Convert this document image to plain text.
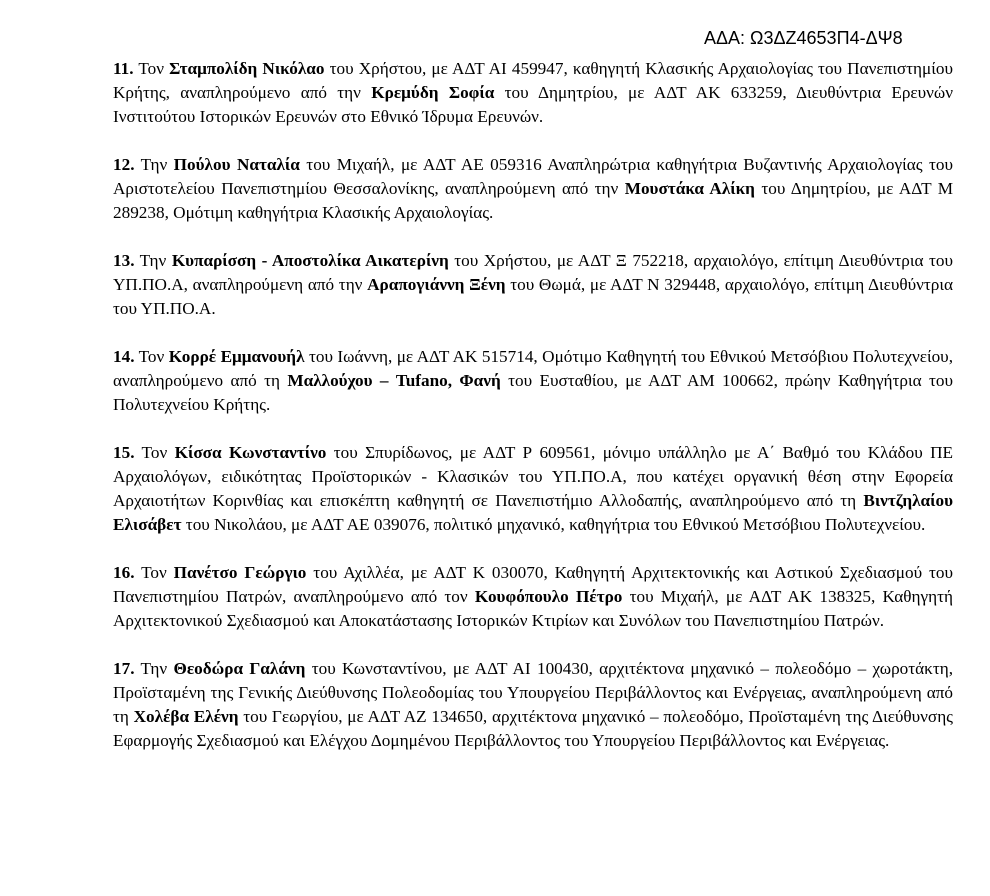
ΑΔΑ: Ω3ΔΖ4653Π4-ΔΨ8

11. Τον Σταμπολίδη Νικόλαο του Χρήστου, με ΑΔΤ ΑΙ 459947, καθηγητή Κλασικής Αρχαιολογίας του Πανεπιστημίου Κρήτης, αναπληρούμενο από την Κρεμύδη Σοφία του Δημητρίου, με ΑΔΤ ΑΚ 633259, Διευθύντρια Ερευνών Ινστιτούτου Ιστορικών Ερευνών στο Εθνικό Ίδρυμα Ερευνών.

12. Την Πούλου Ναταλία του Μιχαήλ, με ΑΔΤ ΑΕ 059316 Αναπληρώτρια καθηγήτρια Βυζαντινής Αρχαιολογίας του Αριστοτελείου Πανεπιστημίου Θεσσαλονίκης, αναπληρούμενη από την Μουστάκα Αλίκη του Δημητρίου, με ΑΔΤ Μ 289238, Ομότιμη καθηγήτρια Κλασικής Αρχαιολογίας.

13. Την Κυπαρίσση - Αποστολίκα Αικατερίνη του Χρήστου, με ΑΔΤ Ξ 752218, αρχαιολόγο, επίτιμη Διευθύντρια του ΥΠ.ΠΟ.Α, αναπληρούμενη από την Αραπογιάννη Ξένη του Θωμά, με ΑΔΤ Ν 329448, αρχαιολόγο, επίτιμη Διευθύντρια του ΥΠ.ΠΟ.Α.

14. Τον Κορρέ Εμμανουήλ του Ιωάννη, με ΑΔΤ ΑΚ 515714, Ομότιμο Καθηγητή του Εθνικού Μετσόβιου Πολυτεχνείου, αναπληρούμενο από τη Μαλλούχου – Tufano, Φανή του Ευσταθίου, με ΑΔΤ ΑΜ 100662, πρώην Καθηγήτρια του Πολυτεχνείου Κρήτης.

15. Τον Κίσσα Κωνσταντίνο του Σπυρίδωνος, με ΑΔΤ Ρ 609561, μόνιμο υπάλληλο με Α΄ Βαθμό του Κλάδου ΠΕ Αρχαιολόγων, ειδικότητας Προϊστορικών - Κλασικών του ΥΠ.ΠΟ.Α, που κατέχει οργανική θέση στην Εφορεία Αρχαιοτήτων Κορινθίας και επισκέπτη καθηγητή σε Πανεπιστήμιο Αλλοδαπής, αναπληρούμενο από τη Βιντζηλαίου Ελισάβετ του Νικολάου, με ΑΔΤ ΑΕ 039076, πολιτικό μηχανικό, καθηγήτρια του Εθνικού Μετσόβιου Πολυτεχνείου.

16. Τον Πανέτσο Γεώργιο του Αχιλλέα, με ΑΔΤ Κ 030070, Καθηγητή Αρχιτεκτονικής και Αστικού Σχεδιασμού του Πανεπιστημίου Πατρών, αναπληρούμενο από τον Κουφόπουλο Πέτρο του Μιχαήλ, με ΑΔΤ ΑΚ 138325, Καθηγητή Αρχιτεκτονικού Σχεδιασμού και Αποκατάστασης Ιστορικών Κτιρίων και Συνόλων του Πανεπιστημίου Πατρών.

17. Την Θεοδώρα Γαλάνη του Κωνσταντίνου, με ΑΔΤ ΑΙ 100430, αρχιτέκτονα μηχανικό – πολεοδόμο – χωροτάκτη, Προϊσταμένη της Γενικής Διεύθυνσης Πολεοδομίας του Υπουργείου Περιβάλλοντος και Ενέργειας, αναπληρούμενη από τη Χολέβα Ελένη του Γεωργίου, με ΑΔΤ ΑΖ 134650, αρχιτέκτονα μηχανικό – πολεοδόμο, Προϊσταμένη της Διεύθυνσης Εφαρμογής Σχεδιασμού και Ελέγχου Δομημένου Περιβάλλοντος του Υπουργείου Περιβάλλοντος και Ενέργειας.
